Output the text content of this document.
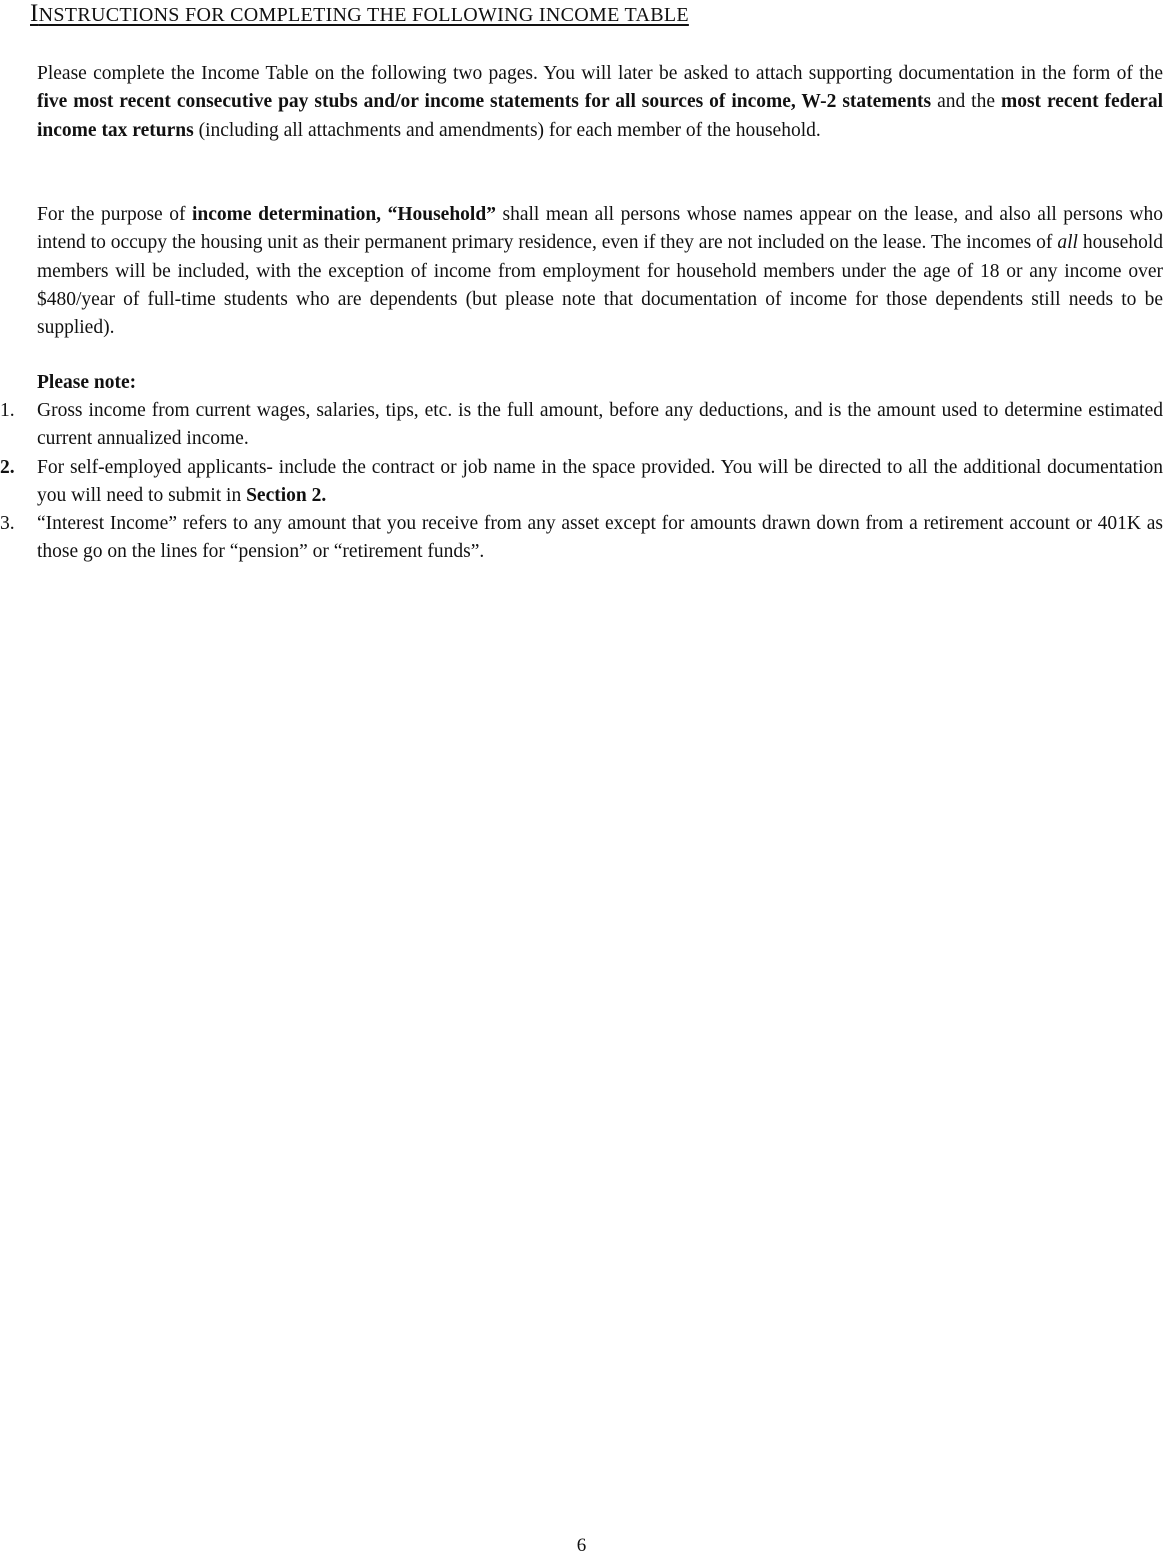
INSTRUCTIONS FOR COMPLETING THE FOLLOWING INCOME TABLE

Please complete the Income Table on the following two pages. You will later be asked to attach supporting documentation in the form of the five most recent consecutive pay stubs and/or income statements for all sources of income, W-2 statements and the most recent federal income tax returns (including all attachments and amendments) for each member of the household.

For the purpose of income determination, “Household” shall mean all persons whose names appear on the lease, and also all persons who intend to occupy the housing unit as their permanent primary residence, even if they are not included on the lease. The incomes of all household members will be included, with the exception of income from employment for household members under the age of 18 or any income over $480/year of full-time students who are dependents (but please note that documentation of income for those dependents still needs to be supplied).

Please note:

1.	Gross income from current wages, salaries, tips, etc. is the full amount, before any deductions, and is the amount used to determine estimated current annualized income.
2.	For self-employed applicants- include the contract or job name in the space provided. You will be directed to all the additional documentation you will need to submit in Section 2.
3.	“Interest Income” refers to any amount that you receive from any asset except for amounts drawn down from a retirement account or 401K as those go on the lines for “pension” or “retirement funds”.

6
